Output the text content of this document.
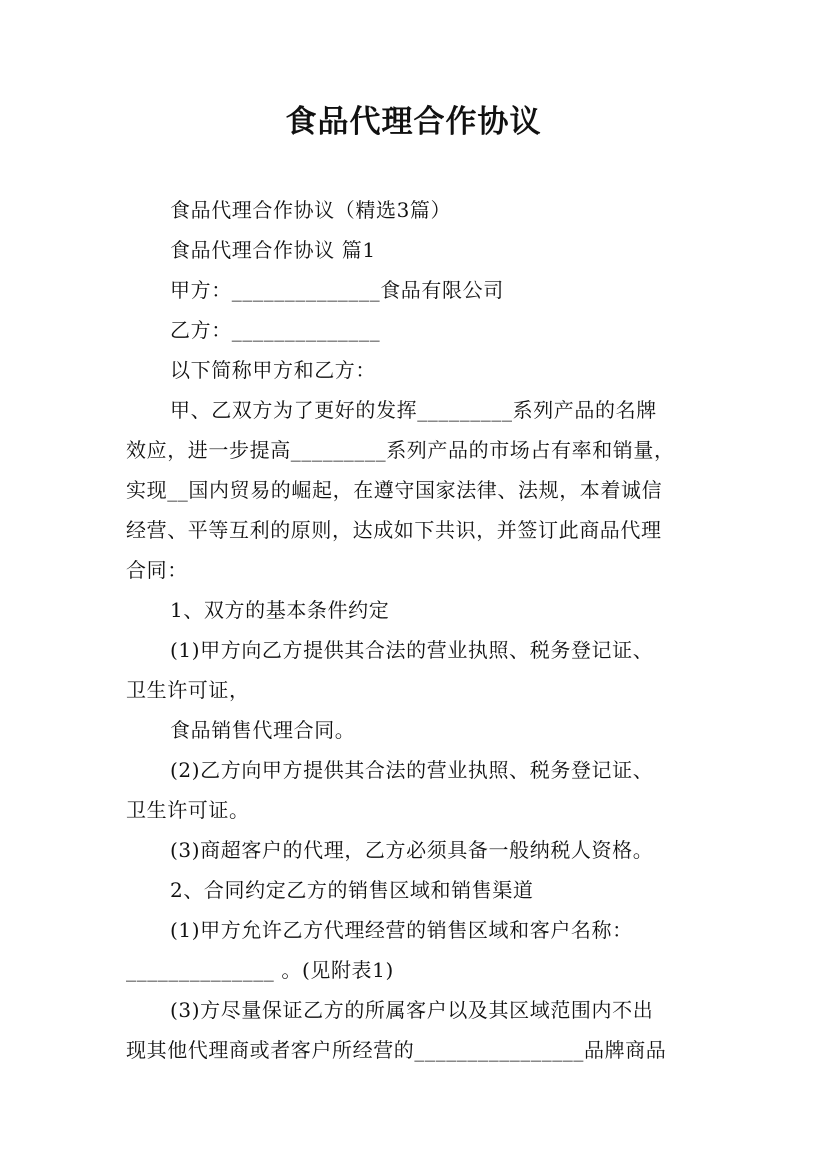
食品代理合作协议
食品代理合作协议（精选3篇）
食品代理合作协议 篇1
甲方：______________食品有限公司
乙方：______________
以下简称甲方和乙方：
甲、乙双方为了更好的发挥_________系列产品的名牌
效应，进一步提高_________系列产品的市场占有率和销量，
实现__国内贸易的崛起，在遵守国家法律、法规，本着诚信
经营、平等互利的原则，达成如下共识，并签订此商品代理
合同：
1、双方的基本条件约定
(1)甲方向乙方提供其合法的营业执照、税务登记证、
卫生许可证，
食品销售代理合同。
(2)乙方向甲方提供其合法的营业执照、税务登记证、
卫生许可证。
(3)商超客户的代理，乙方必须具备一般纳税人资格。
2、合同约定乙方的销售区域和销售渠道
(1)甲方允许乙方代理经营的销售区域和客户名称：
______________ 。(见附表1)
(3)方尽量保证乙方的所属客户以及其区域范围内不出
现其他代理商或者客户所经营的________________品牌商品
